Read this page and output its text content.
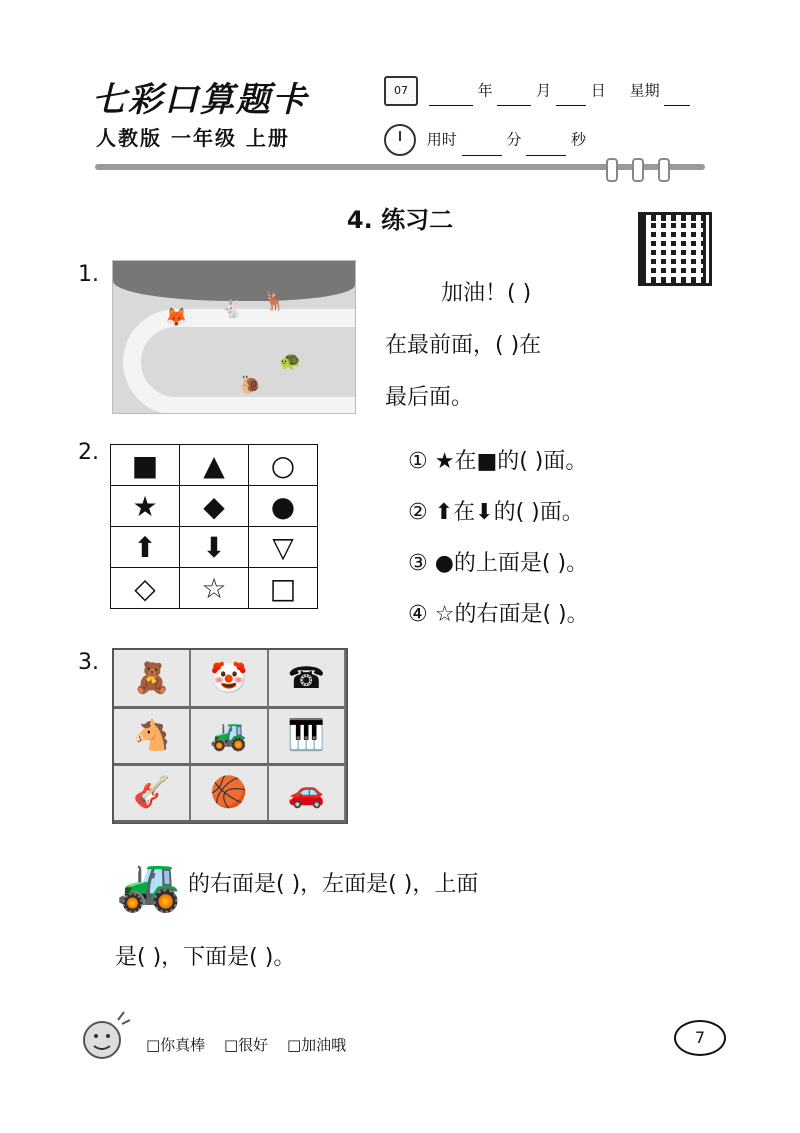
七彩口算题卡
人教版 一年级 上册
07	年	月	日 星期
用时	分	秒
4. 练习二
1.
🦊 🐇 🦌
🐢
🐌
加油！( )
在最前面，( )在
最后面。
2. ■	▲	○
★	◆	●
⬆	⬇	▽
◇	☆	□
① ★在■的( )面。
② ⬆在⬇的( )面。
③ ●的上面是( )。
④ ☆的右面是( )。
3.	🧸	🤡	☎
🐴	🚜	🎹
🎸	🏀	🚗
🚜 的右面是( )，左面是( )，上面
是( )，下面是( )。
□你真棒 □很好 □加油哦	7
